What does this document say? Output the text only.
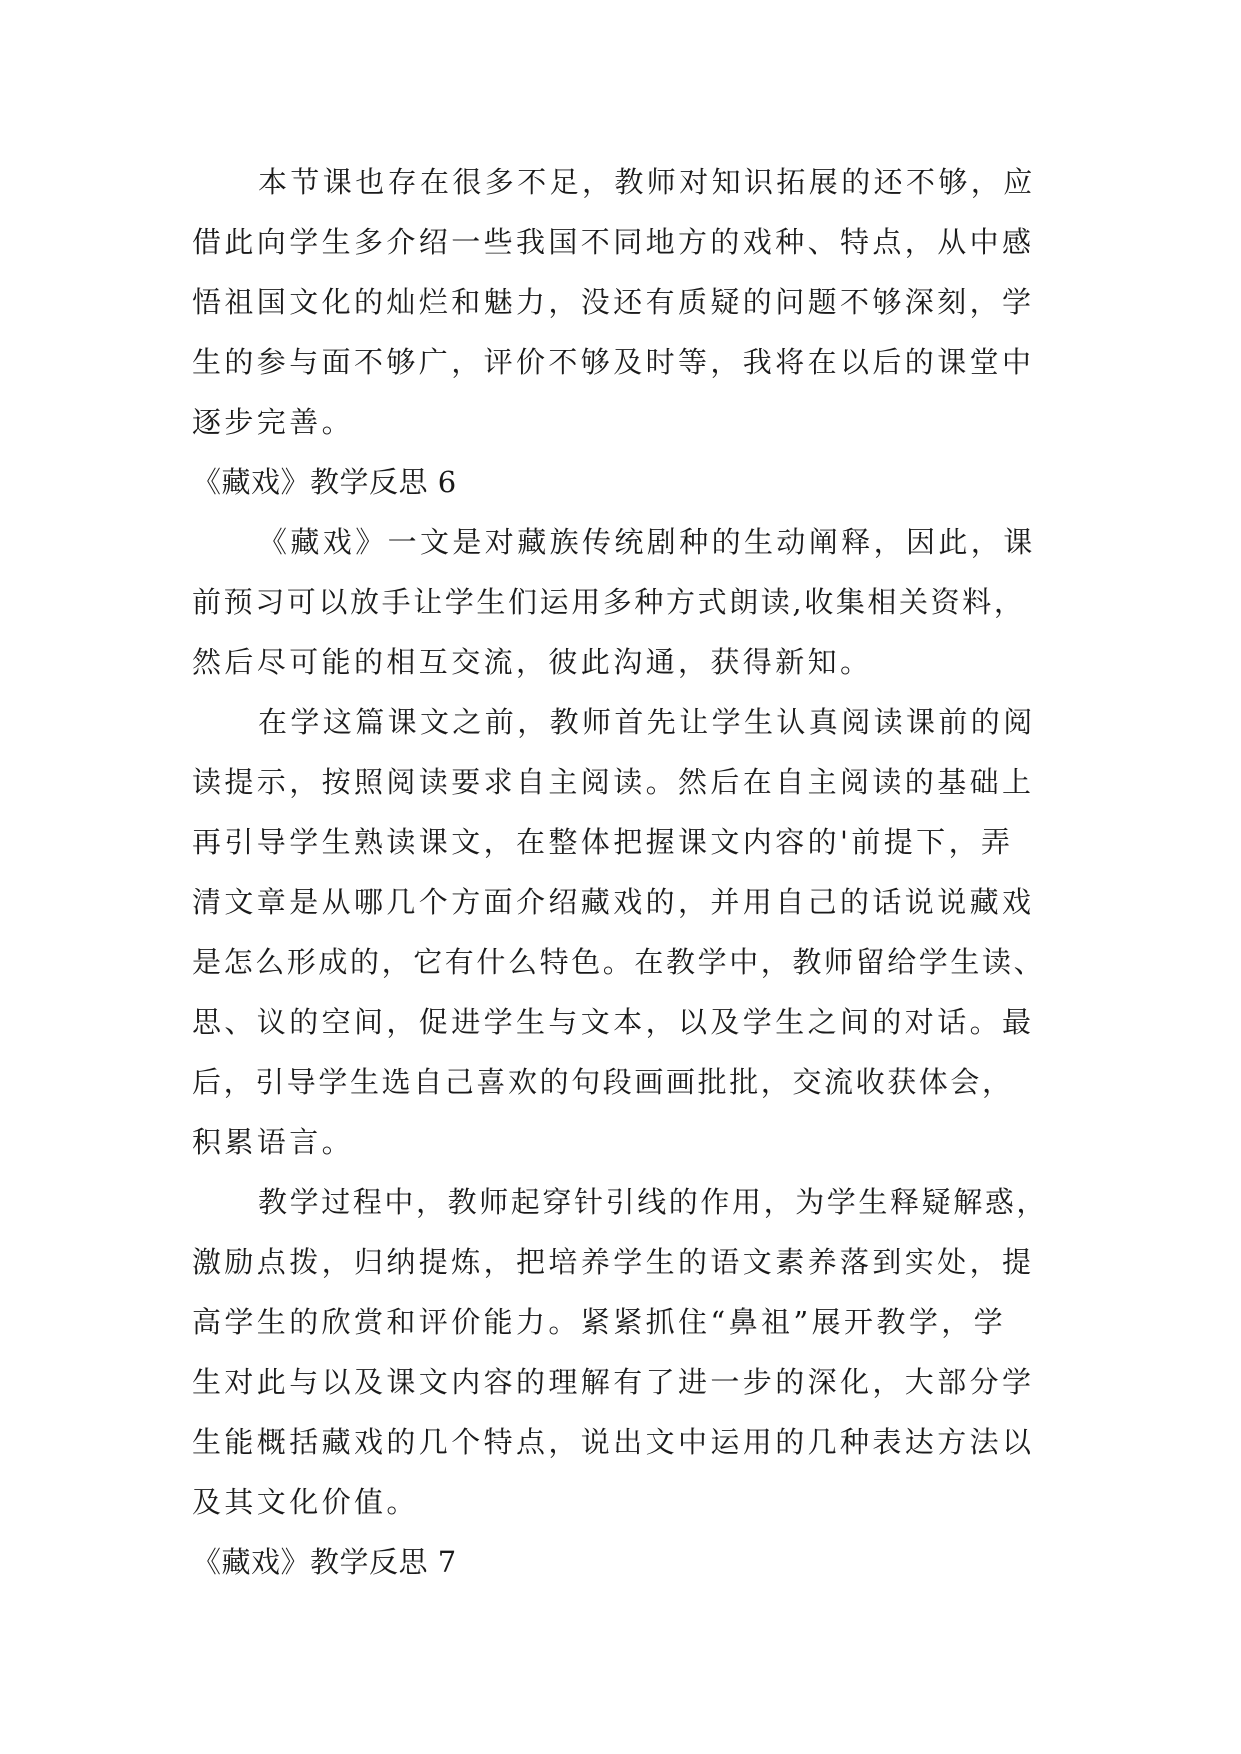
本节课也存在很多不足，教师对知识拓展的还不够，应
借此向学生多介绍一些我国不同地方的戏种、特点，从中感
悟祖国文化的灿烂和魅力，没还有质疑的问题不够深刻，学
生的参与面不够广，评价不够及时等，我将在以后的课堂中
逐步完善。
《藏戏》教学反思 6
《藏戏》一文是对藏族传统剧种的生动阐释，因此，课
前预习可以放手让学生们运用多种方式朗读,收集相关资料，
然后尽可能的相互交流，彼此沟通，获得新知。
在学这篇课文之前，教师首先让学生认真阅读课前的阅
读提示，按照阅读要求自主阅读。然后在自主阅读的基础上
再引导学生熟读课文，在整体把握课文内容的'前提下，弄
清文章是从哪几个方面介绍藏戏的，并用自己的话说说藏戏
是怎么形成的，它有什么特色。在教学中，教师留给学生读、
思、议的空间，促进学生与文本，以及学生之间的对话。最
后，引导学生选自己喜欢的句段画画批批，交流收获体会，
积累语言。
教学过程中，教师起穿针引线的作用，为学生释疑解惑，
激励点拨，归纳提炼，把培养学生的语文素养落到实处，提
高学生的欣赏和评价能力。紧紧抓住“鼻祖”展开教学，学
生对此与以及课文内容的理解有了进一步的深化，大部分学
生能概括藏戏的几个特点，说出文中运用的几种表达方法以
及其文化价值。
《藏戏》教学反思 7
